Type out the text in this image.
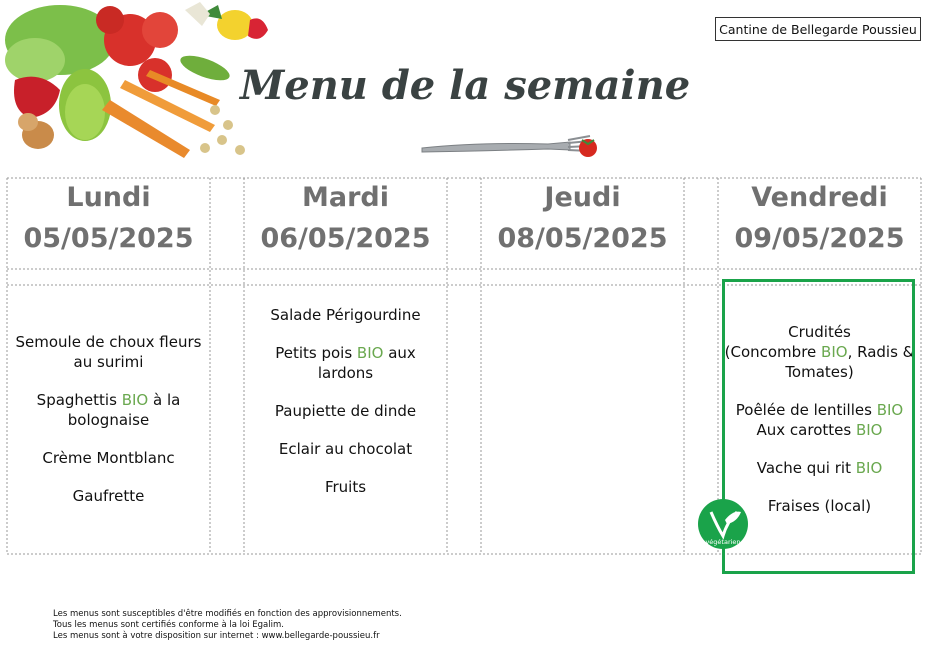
Menu de la semaine
Cantine de Bellegarde Poussieu
Lundi
05/05/2025
Mardi
06/05/2025
Jeudi
08/05/2025
Vendredi
09/05/2025
Semoule de choux fleurs
au surimi
Spaghettis BIO à la
bolognaise
Crème Montblanc
Gaufrette
Salade Périgourdine
Petits pois BIO aux
lardons
Paupiette de dinde
Eclair au chocolat
Fruits
Crudités
(Concombre BIO, Radis &
Tomates)
Poêlée de lentilles BIO
Aux carottes BIO
Vache qui rit BIO
Fraises (local)
végétarien
Les menus sont susceptibles d'être modifiés en fonction des approvisionnements.
Tous les menus sont certifiés conforme à la loi Egalim.
Les menus sont à votre disposition sur internet : www.bellegarde-poussieu.fr
